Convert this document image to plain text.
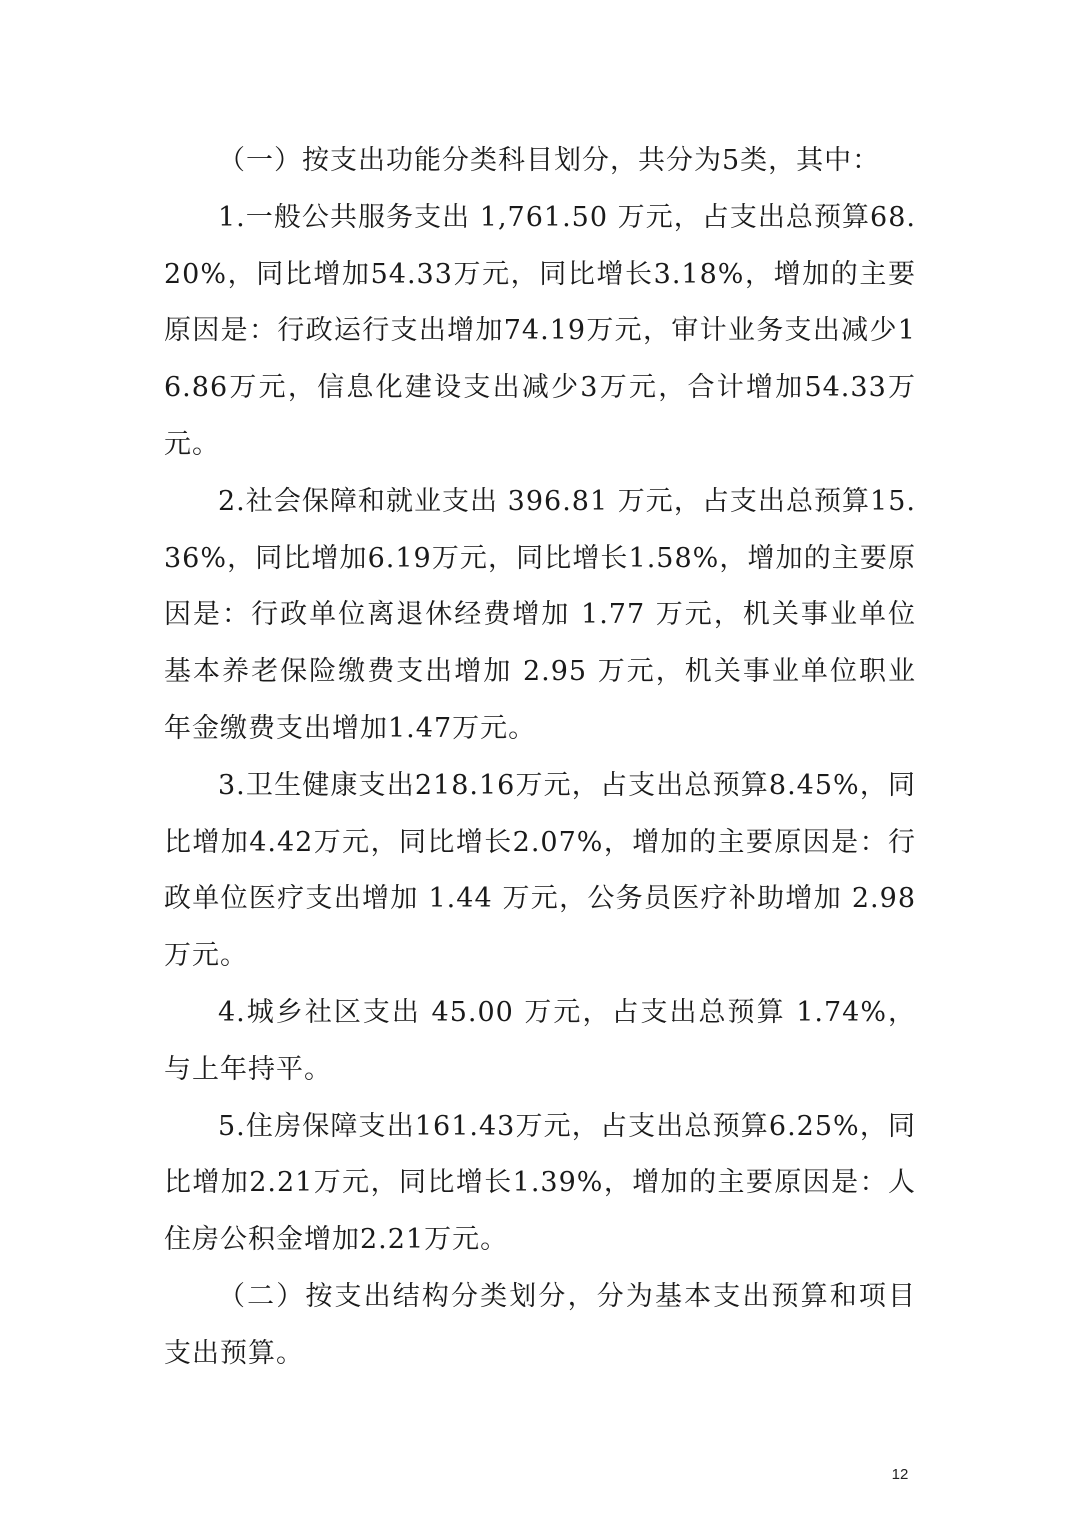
（一）按支出功能分类科目划分，共分为5类，其中：

1.一般公共服务支出 1,761.50 万元，占支出总预算68.20%，同比增加54.33万元，同比增长3.18%，增加的主要原因是：行政运行支出增加74.19万元，审计业务支出减少16.86万元，信息化建设支出减少3万元，合计增加54.33万元。

2.社会保障和就业支出 396.81 万元，占支出总预算15.36%，同比增加6.19万元，同比增长1.58%，增加的主要原因是：行政单位离退休经费增加 1.77 万元，机关事业单位基本养老保险缴费支出增加 2.95 万元，机关事业单位职业年金缴费支出增加1.47万元。

3.卫生健康支出218.16万元，占支出总预算8.45%，同比增加4.42万元，同比增长2.07%，增加的主要原因是：行政单位医疗支出增加 1.44 万元，公务员医疗补助增加 2.98 万元。

4.城乡社区支出 45.00 万元，占支出总预算 1.74%，与上年持平。

5.住房保障支出161.43万元，占支出总预算6.25%，同比增加2.21万元，同比增长1.39%，增加的主要原因是：人住房公积金增加2.21万元。

（二）按支出结构分类划分，分为基本支出预算和项目支出预算。

12
